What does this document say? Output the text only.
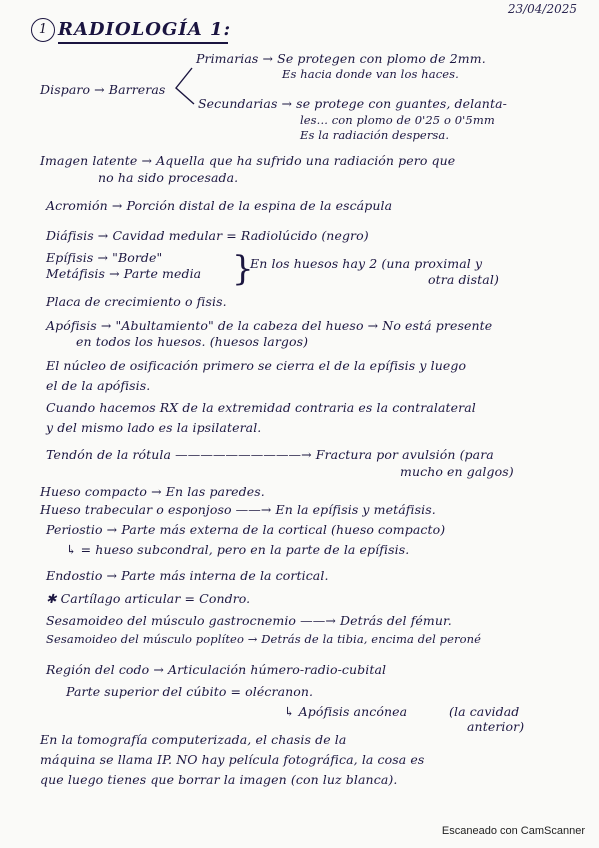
23/04/2025
1 RADIOLOGÍA 1:
Primarias → Se protegen con plomo de 2mm.
Es hacia donde van los haces.
Disparo → Barreras
Secundarias → se protege con guantes, delanta-
les... con plomo de 0'25 o 0'5mm
Es la radiación despersa.
Imagen latente → Aquella que ha sufrido una radiación pero que
no ha sido procesada.
Acromión → Porción distal de la espina de la escápula
Diáfisis → Cavidad medular = Radiolúcido (negro)
Epífisis → "Borde"
Metáfisis → Parte media }
En los huesos hay 2 (una proximal y
otra distal)
Placa de crecimiento o fisis.
Apófisis → "Abultamiento" de la cabeza del hueso → No está presente
en todos los huesos. (huesos largos)
El núcleo de osificación primero se cierra el de la epífisis y luego
el de la apófisis.
Cuando hacemos RX de la extremidad contraria es la contralateral
y del mismo lado es la ipsilateral.
Tendón de la rótula ——————————→ Fractura por avulsión (para
mucho en galgos)
Hueso compacto → En las paredes.
Hueso trabecular o esponjoso ——→ En la epífisis y metáfisis.
Periostio → Parte más externa de la cortical (hueso compacto)
↳ = hueso subcondral, pero en la parte de la epífisis.
Endostio → Parte más interna de la cortical.
✱ Cartílago articular = Condro.
Sesamoideo del músculo gastrocnemio ——→ Detrás del fémur.
Sesamoideo del músculo poplíteo → Detrás de la tibia, encima del peroné
Región del codo → Articulación húmero-radio-cubital
Parte superior del cúbito = olécranon.
↳ Apófisis ancónea	(la cavidad
anterior)
En la tomografía computerizada, el chasis de la
máquina se llama IP. NO hay película fotográfica, la cosa es
que luego tienes que borrar la imagen (con luz blanca).
Escaneado con CamScanner
